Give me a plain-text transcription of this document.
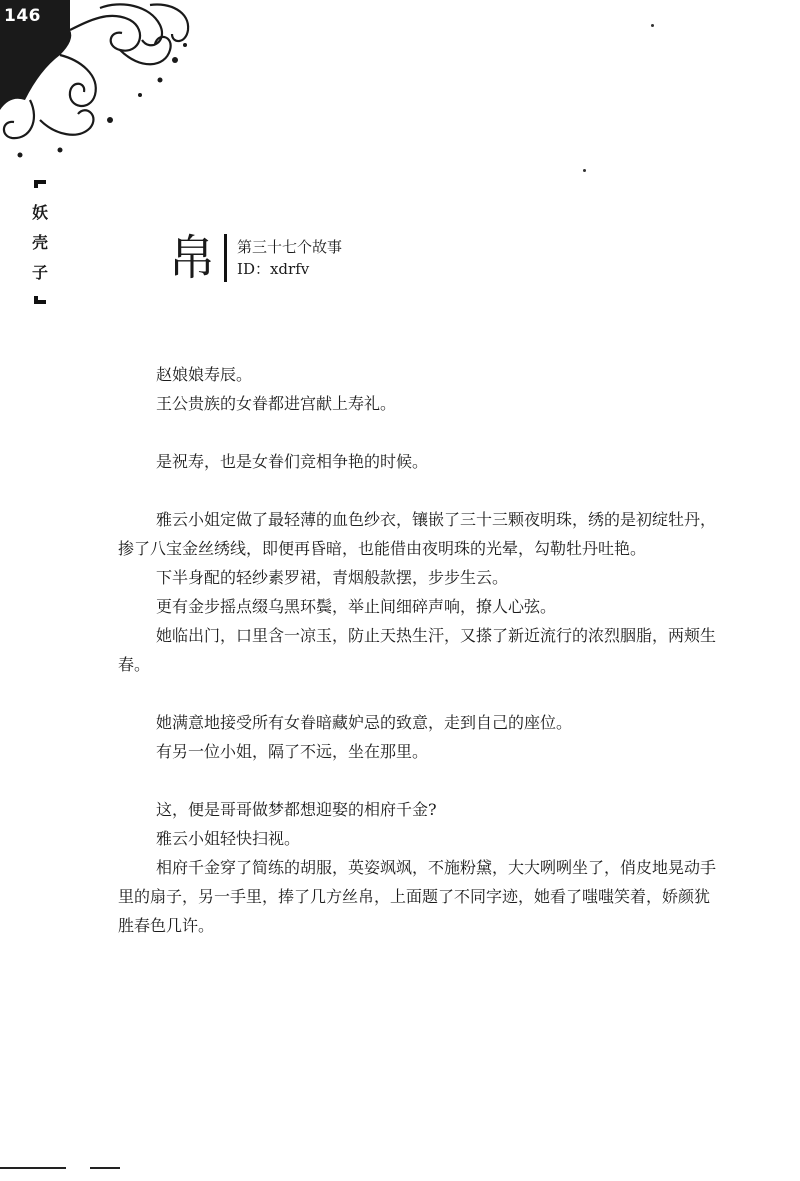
146
妖
壳
子	帛 第三十七个故事
ID：xdrfv

赵娘娘寿辰。

王公贵族的女眷都进宫献上寿礼。

是祝寿，也是女眷们竞相争艳的时候。

雅云小姐定做了最轻薄的血色纱衣，镶嵌了三十三颗夜明珠，绣的是初绽牡丹，掺了八宝金丝绣线，即便再昏暗，也能借由夜明珠的光晕，勾勒牡丹吐艳。

下半身配的轻纱素罗裙，青烟般款摆，步步生云。

更有金步摇点缀乌黑环鬓，举止间细碎声响，撩人心弦。

她临出门，口里含一凉玉，防止天热生汗，又搽了新近流行的浓烈胭脂，两颊生春。

她满意地接受所有女眷暗藏妒忌的致意，走到自己的座位。

有另一位小姐，隔了不远，坐在那里。

这，便是哥哥做梦都想迎娶的相府千金?

雅云小姐轻快扫视。

相府千金穿了简练的胡服，英姿飒飒，不施粉黛，大大咧咧坐了，俏皮地晃动手里的扇子，另一手里，捧了几方丝帛，上面题了不同字迹，她看了嗤嗤笑着，娇颜犹胜春色几许。
